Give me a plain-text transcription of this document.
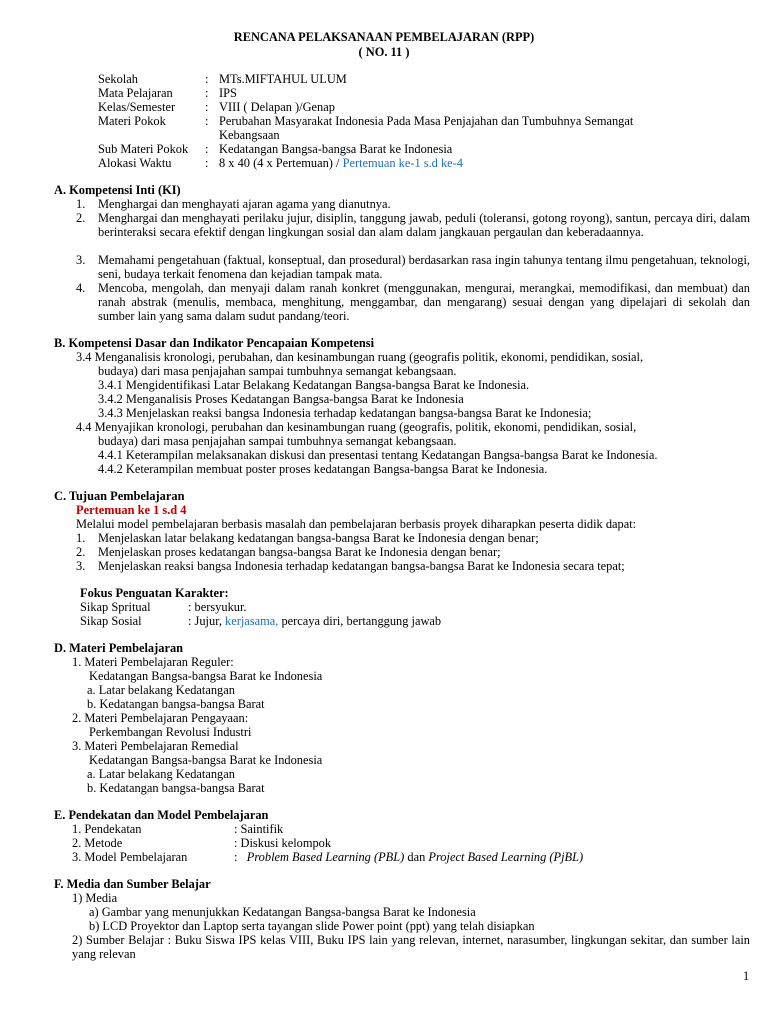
RENCANA PELAKSANAAN PEMBELAJARAN (RPP)
( NO. 11 )
Sekolah	: MTs.MIFTAHUL ULUM
Mata Pelajaran	: IPS
Kelas/Semester : VIII ( Delapan )/Genap
Materi Pokok	: Perubahan Masyarakat Indonesia Pada Masa Penjajahan dan Tumbuhnya Semangat
Kebangsaan
Sub Materi Pokok : Kedatangan Bangsa-bangsa Barat ke Indonesia
Alokasi Waktu	: 8 x 40 (4 x Pertemuan) / Pertemuan ke-1 s.d ke-4
A. Kompetensi Inti (KI)
1. Menghargai dan menghayati ajaran agama yang dianutnya.
2. Menghargai dan menghayati perilaku jujur, disiplin, tanggung jawab, peduli (toleransi, gotong royong), santun, percaya diri, dalam berinteraksi secara efektif dengan lingkungan sosial dan alam dalam jangkauan pergaulan dan keberadaannya.
3. Memahami pengetahuan (faktual, konseptual, dan prosedural) berdasarkan rasa ingin tahunya tentang ilmu pengetahuan, teknologi, seni, budaya terkait fenomena dan kejadian tampak mata.
4. Mencoba, mengolah, dan menyaji dalam ranah konkret (menggunakan, mengurai, merangkai, memodifikasi, dan membuat) dan ranah abstrak (menulis, membaca, menghitung, menggambar, dan mengarang) sesuai dengan yang dipelajari di sekolah dan sumber lain yang sama dalam sudut pandang/teori.
B. Kompetensi Dasar dan Indikator Pencapaian Kompetensi
3.4 Menganalisis kronologi, perubahan, dan kesinambungan ruang (geografis politik, ekonomi, pendidikan, sosial,
budaya) dari masa penjajahan sampai tumbuhnya semangat kebangsaan.
3.4.1 Mengidentifikasi Latar Belakang Kedatangan Bangsa-bangsa Barat ke Indonesia.
3.4.2 Menganalisis Proses Kedatangan Bangsa-bangsa Barat ke Indonesia
3.4.3 Menjelaskan reaksi bangsa Indonesia terhadap kedatangan bangsa-bangsa Barat ke Indonesia;
4.4 Menyajikan kronologi, perubahan dan kesinambungan ruang (geografis, politik, ekonomi, pendidikan, sosial,
budaya) dari masa penjajahan sampai tumbuhnya semangat kebangsaan.
4.4.1 Keterampilan melaksanakan diskusi dan presentasi tentang Kedatangan Bangsa-bangsa Barat ke Indonesia.
4.4.2 Keterampilan membuat poster proses kedatangan Bangsa-bangsa Barat ke Indonesia.
C. Tujuan Pembelajaran
Pertemuan ke 1 s.d 4
Melalui model pembelajaran berbasis masalah dan pembelajaran berbasis proyek diharapkan peserta didik dapat:
1. Menjelaskan latar belakang kedatangan bangsa-bangsa Barat ke Indonesia dengan benar;
2. Menjelaskan proses kedatangan bangsa-bangsa Barat ke Indonesia dengan benar;
3. Menjelaskan reaksi bangsa Indonesia terhadap kedatangan bangsa-bangsa Barat ke Indonesia secara tepat;
Fokus Penguatan Karakter:
Sikap Spritual	: bersyukur.
Sikap Sosial	: Jujur, kerjasama, percaya diri, bertanggung jawab
D. Materi Pembelajaran
1. Materi Pembelajaran Reguler:
Kedatangan Bangsa-bangsa Barat ke Indonesia
a. Latar belakang Kedatangan
b. Kedatangan bangsa-bangsa Barat
2. Materi Pembelajaran Pengayaan:
Perkembangan Revolusi Industri
3. Materi Pembelajaran Remedial
Kedatangan Bangsa-bangsa Barat ke Indonesia
a. Latar belakang Kedatangan
b. Kedatangan bangsa-bangsa Barat
E. Pendekatan dan Model Pembelajaran
1. Pendekatan	: Saintifik
2. Metode	: Diskusi kelompok
3. Model Pembelajaran	: Problem Based Learning (PBL) dan Project Based Learning (PjBL)
F. Media dan Sumber Belajar
1) Media
a) Gambar yang menunjukkan Kedatangan Bangsa-bangsa Barat ke Indonesia
b) LCD Proyektor dan Laptop serta tayangan slide Power point (ppt) yang telah disiapkan
2) Sumber Belajar : Buku Siswa IPS kelas VIII, Buku IPS lain yang relevan, internet, narasumber, lingkungan sekitar, dan sumber lain yang relevan
1
